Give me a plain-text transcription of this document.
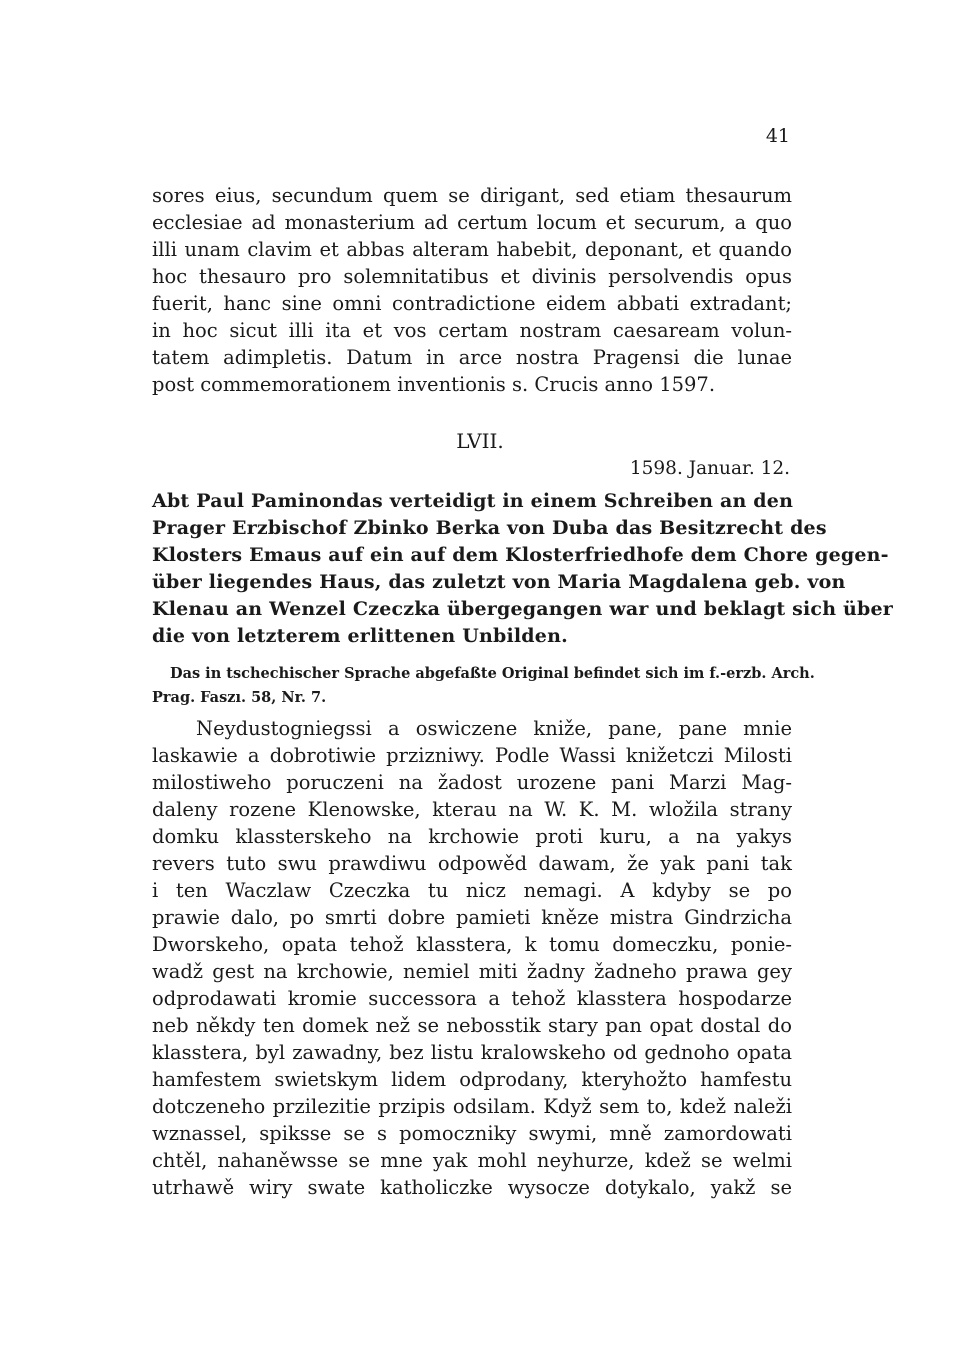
41
sores eius, secundum quem se dirigant, sed etiam thesaurum
ecclesiae ad monasterium ad certum locum et securum, a quo
illi unam clavim et abbas alteram habebit, deponant, et quando
hoc thesauro pro solemnitatibus et divinis persolvendis opus
fuerit, hanc sine omni contradictione eidem abbati extradant;
in hoc sicut illi ita et vos certam nostram caesaream volun-
tatem adimpletis. Datum in arce nostra Pragensi die lunae
post commemorationem inventionis s. Crucis anno 1597.
LVII.
1598. Januar. 12.
Abt Paul Paminondas verteidigt in einem Schreiben an den
Prager Erzbischof Zbinko Berka von Duba das Besitzrecht des
Klosters Emaus auf ein auf dem Klosterfriedhofe dem Chore gegen-
über liegendes Haus, das zuletzt von Maria Magdalena geb. von
Klenau an Wenzel Czeczka übergegangen war und beklagt sich über
die von letzterem erlittenen Unbilden.
Das in tschechischer Sprache abgefaßte Original befindet sich im f.-erzb. Arch.
Prag. Faszı. 58, Nr. 7.
Neydustogniegssi a oswiczene kniže, pane, pane mnie
laskawie a dobrotiwie przizniwy. Podle Wassi knižetczi Milosti
milostiweho poruczeni na žadost urozene pani Marzi Mag-
daleny rozene Klenowske, kterau na W. K. M. wložila strany
domku klassterskeho na krchowie proti kuru, a na yakys
revers tuto swu prawdiwu odpowěd dawam, že yak pani tak
i ten Waczlaw Czeczka tu nicz nemagi. A kdyby se po
prawie dalo, po smrti dobre pamieti kněze mistra Gindrzicha
Dworskeho, opata tehož klasstera, k tomu domeczku, ponie-
wadž gest na krchowie, nemiel miti žadny žadneho prawa gey
odprodawati kromie successora a tehož klasstera hospodarze
neb někdy ten domek než se nebosstik stary pan opat dostal do
klasstera, byl zawadny, bez listu kralowskeho od gednoho opata
hamfestem swietskym lidem odprodany, kteryhožto hamfestu
dotczeneho przilezitie przipis odsilam. Když sem to, kdež naleži
wznassel, spiksse se s pomoczniky swymi, mně zamordowati
chtěl, nahaněwsse se mne yak mohl neyhurze, kdež se welmi
utrhawě wiry swate katholiczke wysocze dotykalo, yakž se
